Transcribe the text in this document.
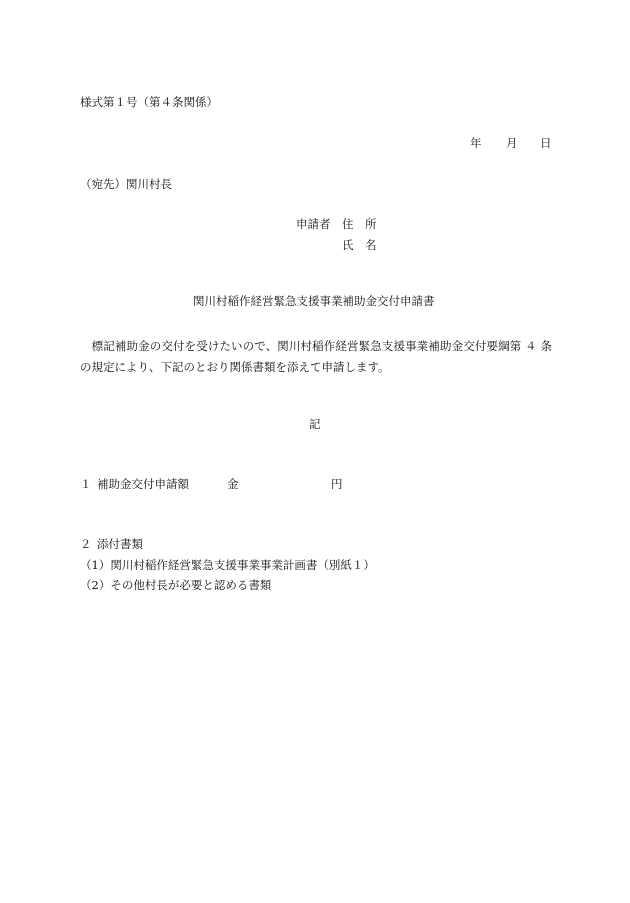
様式第１号（第４条関係）
年 月 日
（宛先）関川村長
申請者 住　所
氏　名
関川村稲作経営緊急支援事業補助金交付申請書
　標記補助金の交付を受けたいので、関川村稲作経営緊急支援事業補助金交付要綱第 ４ 条の規定により、下記のとおり関係書類を添えて申請します。
記
１ 補助金交付申請額	金	円
２ 添付書類
（1）関川村稲作経営緊急支援事業事業計画書（別紙１）
（2）その他村長が必要と認める書類
